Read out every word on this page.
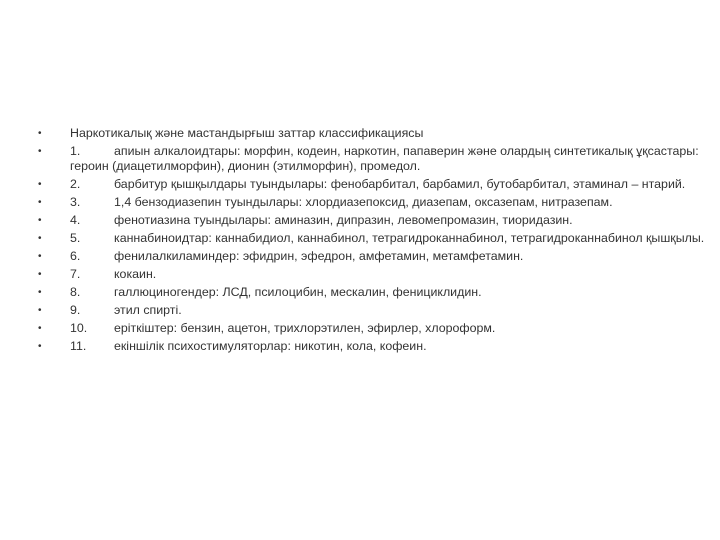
• Наркотикалық және мастандырғыш заттар классификациясы
• 1.	апиын алкалоидтары: морфин, кодеин, наркотин, папаверин және олардың синтетикалық ұқсастары: героин (диацетилморфин), дионин (этилморфин), промедол.
• 2.	барбитур қышқылдары туындылары: фенобарбитал, барбамил, бутобарбитал, этаминал – нтарий.
• 3.	1,4 бензодиазепин туындылары: хлордиазепоксид, диазепам, оксазепам, нитразепам.
• 4.	фенотиазина туындылары: аминазин, дипразин, левомепромазин, тиоридазин.
• 5.	каннабиноидтар: каннабидиол, каннабинол, тетрагидроканнабинол, тетрагидроканнабинол қышқылы.
• 6.	фенилалкиламиндер: эфидрин, эфедрон, амфетамин, метамфетамин.
• 7.	кокаин.
• 8.	галлюциногендер: ЛСД, псилоцибин, мескалин, фенициклидин.
• 9.	этил спирті.
• 10. еріткіштер: бензин, ацетон, трихлорэтилен, эфирлер, хлороформ.
• 11. екіншілік психостимуляторлар: никотин, кола, кофеин.
